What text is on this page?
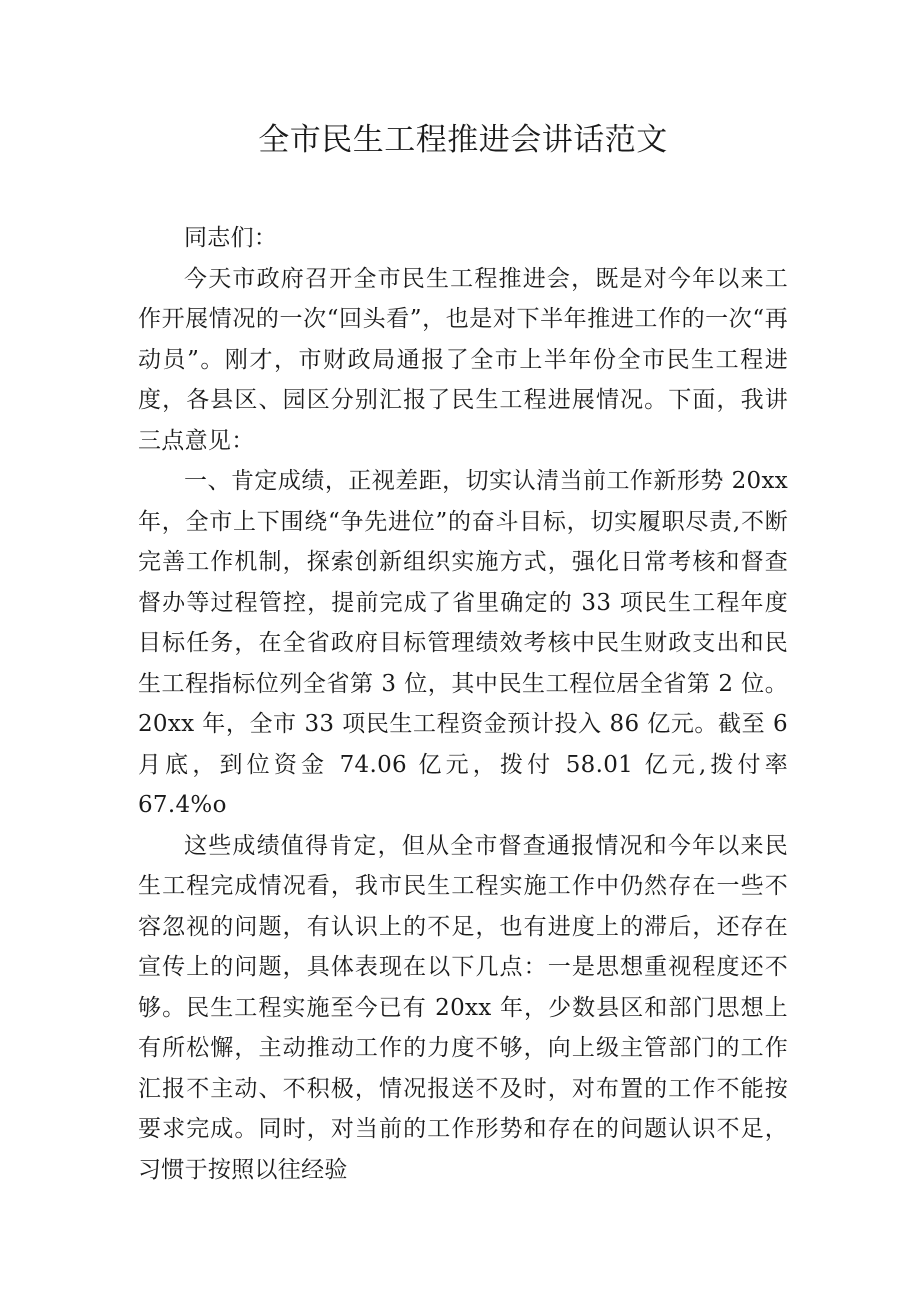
全市民生工程推进会讲话范文

同志们：

今天市政府召开全市民生工程推进会，既是对今年以来工作开展情况的一次“回头看”，也是对下半年推进工作的一次“再动员”。刚才，市财政局通报了全市上半年份全市民生工程进度，各县区、园区分别汇报了民生工程进展情况。下面，我讲三点意见：

一、肯定成绩，正视差距，切实认清当前工作新形势 20xx 年，全市上下围绕“争先进位”的奋斗目标，切实履职尽责,不断完善工作机制，探索创新组织实施方式，强化日常考核和督查督办等过程管控，提前完成了省里确定的 33 项民生工程年度目标任务，在全省政府目标管理绩效考核中民生财政支出和民生工程指标位列全省第 3 位，其中民生工程位居全省第 2 位。20xx 年，全市 33 项民生工程资金预计投入 86 亿元。截至 6 月底，到位资金 74.06 亿元，拨付 58.01 亿元,拨付率 67.4%o

这些成绩值得肯定，但从全市督查通报情况和今年以来民生工程完成情况看，我市民生工程实施工作中仍然存在一些不容忽视的问题，有认识上的不足，也有进度上的滞后，还存在宣传上的问题，具体表现在以下几点：一是思想重视程度还不够。民生工程实施至今已有 20xx 年，少数县区和部门思想上有所松懈，主动推动工作的力度不够，向上级主管部门的工作汇报不主动、不积极，情况报送不及时，对布置的工作不能按要求完成。同时，对当前的工作形势和存在的问题认识不足，习惯于按照以往经验
